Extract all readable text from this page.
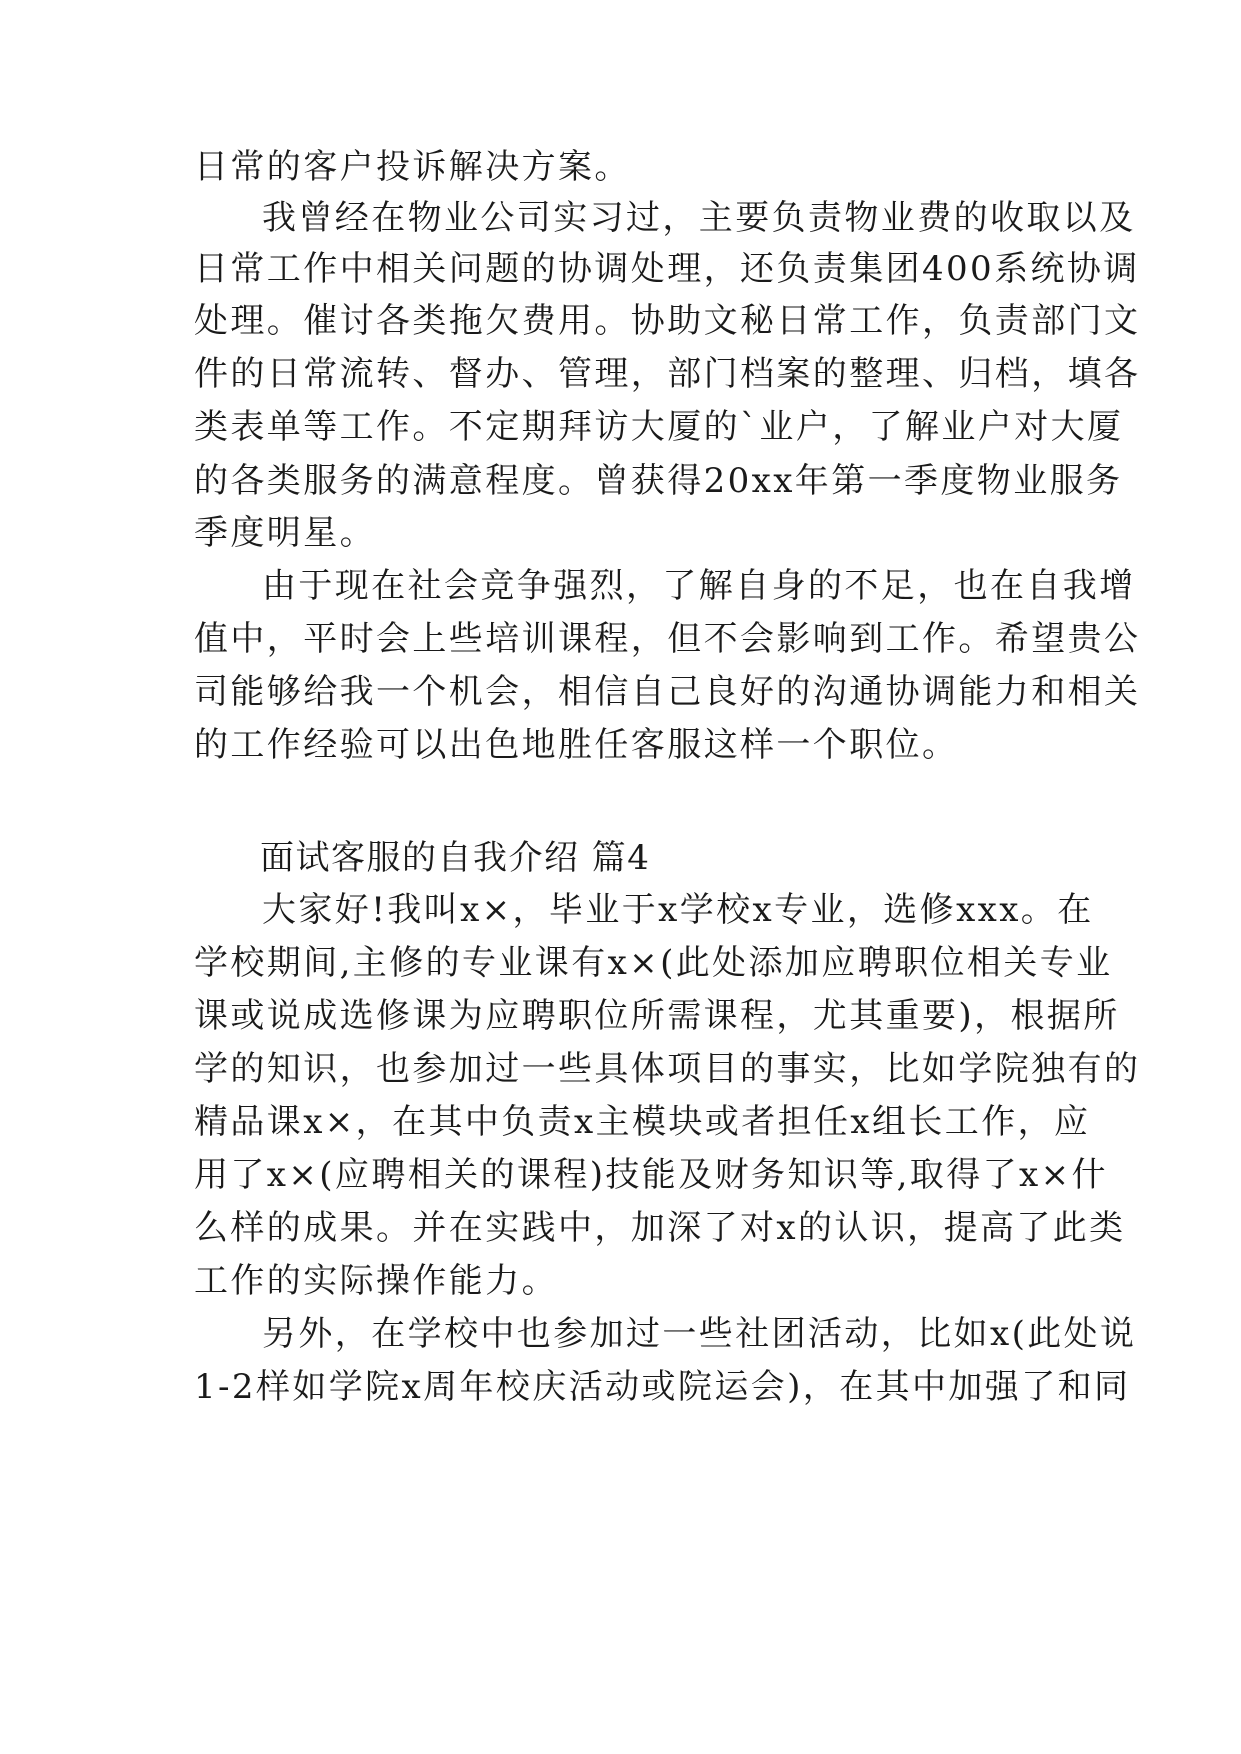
日常的客户投诉解决方案。
我曾经在物业公司实习过，主要负责物业费的收取以及
日常工作中相关问题的协调处理，还负责集团400系统协调
处理。催讨各类拖欠费用。协助文秘日常工作，负责部门文
件的日常流转、督办、管理，部门档案的整理、归档，填各
类表单等工作。不定期拜访大厦的`业户，了解业户对大厦
的各类服务的满意程度。曾获得20xx年第一季度物业服务
季度明星。
由于现在社会竞争强烈，了解自身的不足，也在自我增
值中，平时会上些培训课程，但不会影响到工作。希望贵公
司能够给我一个机会，相信自己良好的沟通协调能力和相关
的工作经验可以出色地胜任客服这样一个职位。
面试客服的自我介绍 篇4
大家好!我叫x×，毕业于x学校x专业，选修xxx。在
学校期间,主修的专业课有x×(此处添加应聘职位相关专业
课或说成选修课为应聘职位所需课程，尤其重要)，根据所
学的知识，也参加过一些具体项目的事实，比如学院独有的
精品课x×，在其中负责x主模块或者担任x组长工作，应
用了x×(应聘相关的课程)技能及财务知识等,取得了x×什
么样的成果。并在实践中，加深了对x的认识，提高了此类
工作的实际操作能力。
另外，在学校中也参加过一些社团活动，比如x(此处说
1-2样如学院x周年校庆活动或院运会)，在其中加强了和同
